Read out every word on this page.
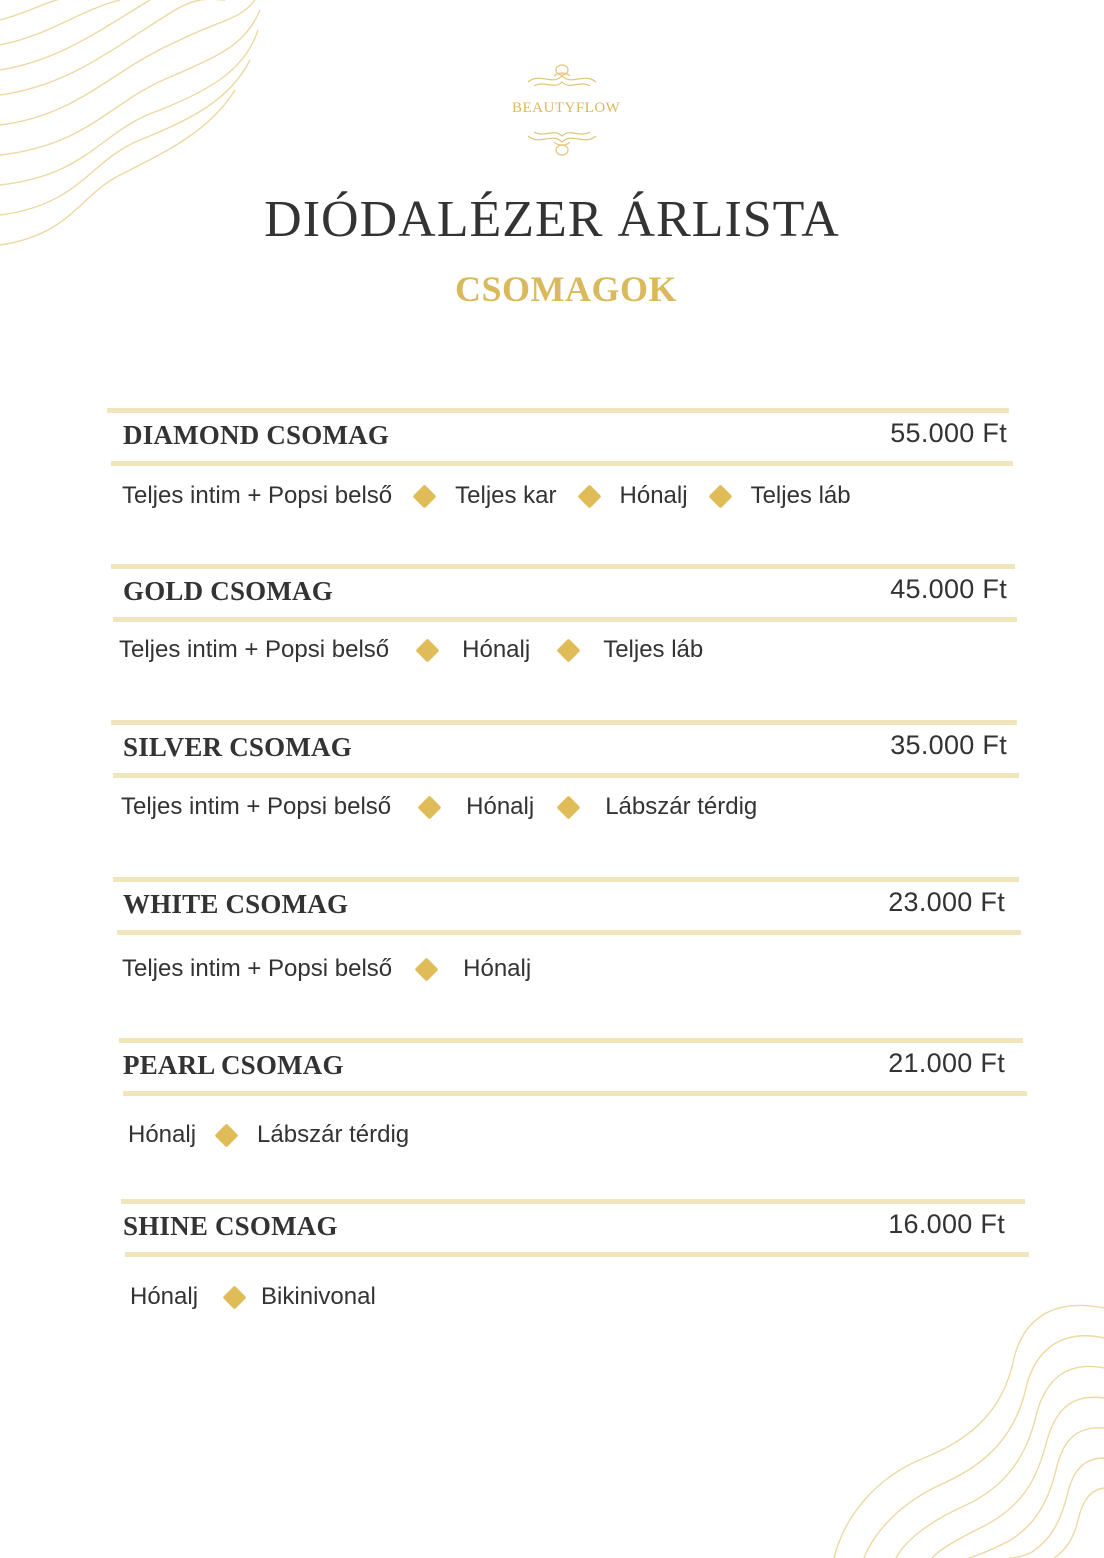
BEAUTYFLOW
DIÓDALÉZER ÁRLISTA
CSOMAGOK
DIAMOND CSOMAG	55.000 Ft
Teljes intim + Popsi belső	Teljes kar	Hónalj	Teljes láb
GOLD CSOMAG	45.000 Ft
Teljes intim + Popsi belső	Hónalj	Teljes láb
SILVER CSOMAG	35.000 Ft
Teljes intim + Popsi belső	Hónalj	Lábszár térdig
WHITE CSOMAG	23.000 Ft
Teljes intim + Popsi belső	Hónalj
PEARL CSOMAG	21.000 Ft
Hónalj	Lábszár térdig
SHINE CSOMAG	16.000 Ft
Hónalj	Bikinivonal
